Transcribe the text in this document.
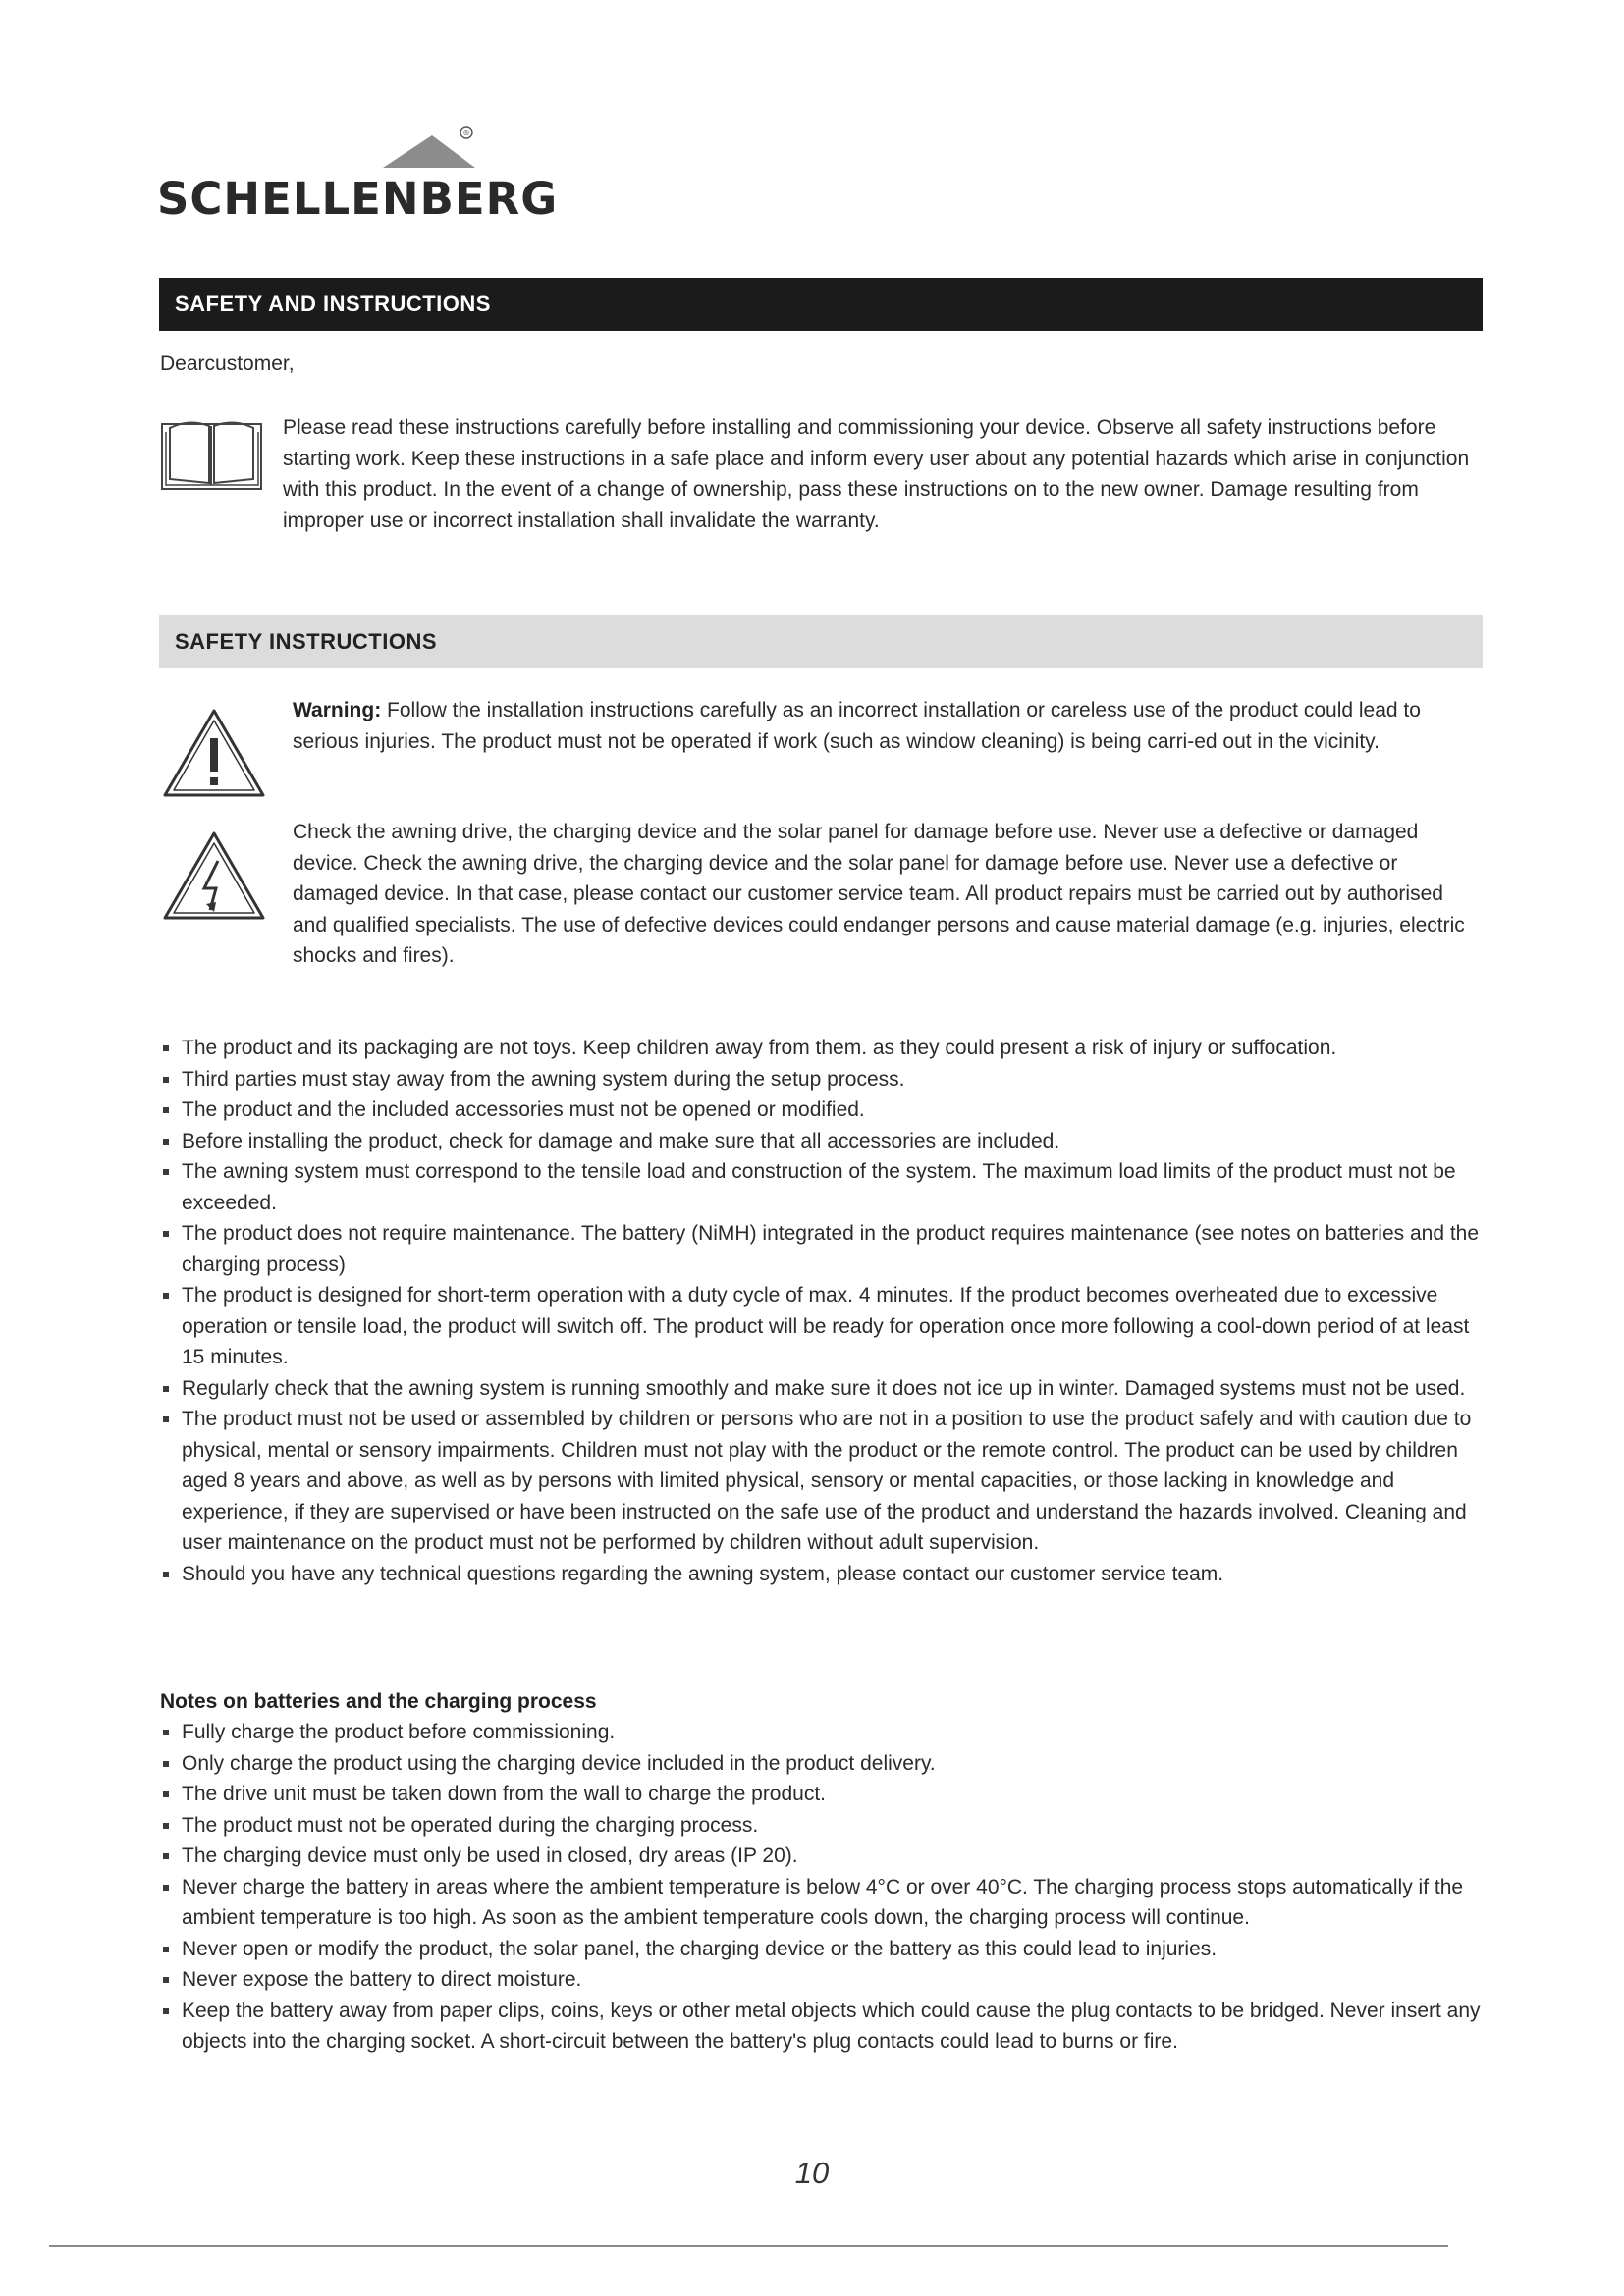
®
SCHELLENBERG
SAFETY AND INSTRUCTIONS
Dearcustomer,
Please read these instructions carefully before installing and commissioning your device. Observe all safety instructions before starting work. Keep these instructions in a safe place and inform every user about any potential hazards which arise in conjunction with this product. In the event of a change of ownership, pass these instructions on to the new owner. Damage resulting from improper use or incorrect installation shall invalidate the warranty.
SAFETY INSTRUCTIONS
Warning: Follow the installation instructions carefully as an incorrect installation or careless use of the product could lead to serious injuries. The product must not be operated if work (such as window cleaning) is being carri-ed out in the vicinity.
Check the awning drive, the charging device and the solar panel for damage before use. Never use a defective or damaged device. Check the awning drive, the charging device and the solar panel for damage before use. Never use a defective or damaged device. In that case, please contact our customer service team. All product repairs must be carried out by authorised and qualified specialists. The use of defective devices could endanger persons and cause material damage (e.g. injuries, electric shocks and fires).
The product and its packaging are not toys. Keep children away from them. as they could present a risk of injury or suffocation.
Third parties must stay away from the awning system during the setup process.
The product and the included accessories must not be opened or modified.
Before installing the product, check for damage and make sure that all accessories are included.
The awning system must correspond to the tensile load and construction of the system. The maximum load limits of the product must not be exceeded.
The product does not require maintenance. The battery (NiMH) integrated in the product requires maintenance (see notes on batteries and the charging process)
The product is designed for short-term operation with a duty cycle of max. 4 minutes. If the product becomes overheated due to excessive operation or tensile load, the product will switch off. The product will be ready for operation once more following a cool-down period of at least 15 minutes.
Regularly check that the awning system is running smoothly and make sure it does not ice up in winter. Damaged systems must not be used.
The product must not be used or assembled by children or persons who are not in a position to use the product safely and with caution due to physical, mental or sensory impairments. Children must not play with the product or the remote control. The product can be used by children aged 8 years and above, as well as by persons with limited physical, sensory or mental capacities, or those lacking in knowledge and experience, if they are supervised or have been instructed on the safe use of the product and understand the hazards involved. Cleaning and user maintenance on the product must not be performed by children without adult supervision.
Should you have any technical questions regarding the awning system, please contact our customer service team.
Notes on batteries and the charging process
Fully charge the product before commissioning.
Only charge the product using the charging device included in the product delivery.
The drive unit must be taken down from the wall to charge the product.
The product must not be operated during the charging process.
The charging device must only be used in closed, dry areas (IP 20).
Never charge the battery in areas where the ambient temperature is below 4°C or over 40°C. The charging process stops automatically if the ambient temperature is too high. As soon as the ambient temperature cools down, the charging process will continue.
Never open or modify the product, the solar panel, the charging device or the battery as this could lead to injuries.
Never expose the battery to direct moisture.
Keep the battery away from paper clips, coins, keys or other metal objects which could cause the plug contacts to be bridged. Never insert any objects into the charging socket. A short-circuit between the battery's plug contacts could lead to burns or fire.
10
